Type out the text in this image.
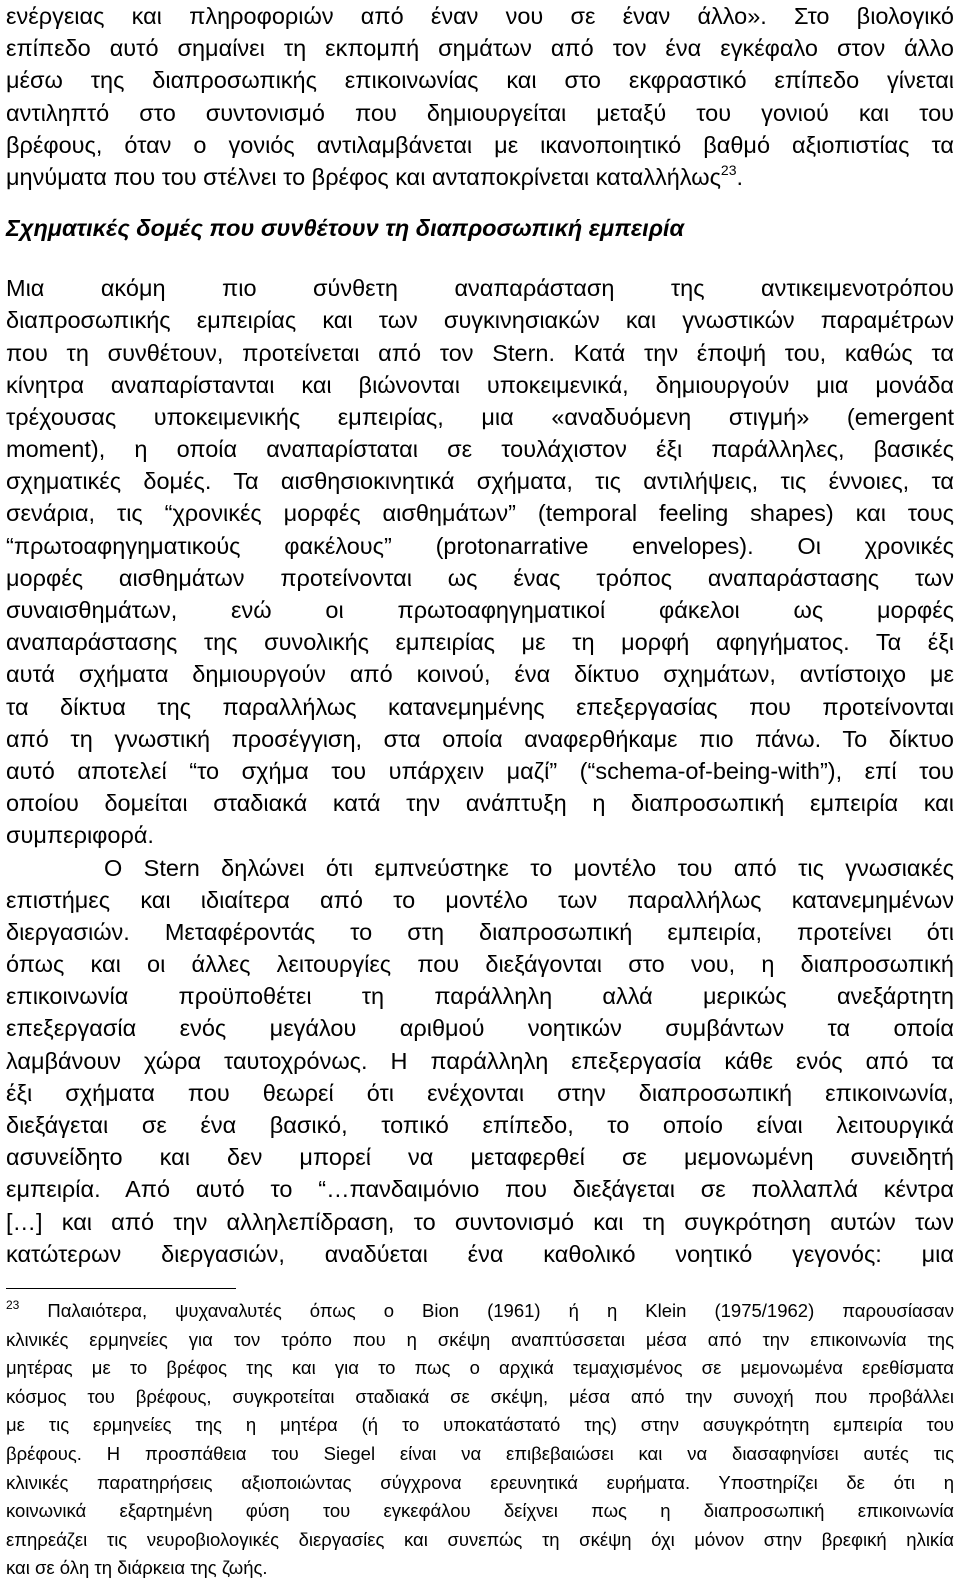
ενέργειας και πληροφοριών από έναν νου σε έναν άλλο». Στο βιολογικό
επίπεδο αυτό σημαίνει τη εκπομπή σημάτων από τον ένα εγκέφαλο στον άλλο
μέσω της διαπροσωπικής επικοινωνίας και στο εκφραστικό επίπεδο γίνεται
αντιληπτό στο συντονισμό που δημιουργείται μεταξύ του γονιού και του
βρέφους, όταν ο γονιός αντιλαμβάνεται με ικανοποιητικό βαθμό αξιοπιστίας τα
μηνύματα που του στέλνει το βρέφος και ανταποκρίνεται καταλλήλως$^{23}$.
Σχηματικές δομές που συνθέτουν τη διαπροσωπική εμπειρία
Μια ακόμη πιο σύνθετη αναπαράσταση της αντικειμενοτρόπου
διαπροσωπικής εμπειρίας και των συγκινησιακών και γνωστικών παραμέτρων
που τη συνθέτουν, προτείνεται από τον Stern. Κατά την έποψή του, καθώς τα
κίνητρα αναπαρίστανται και βιώνονται υποκειμενικά, δημιουργούν μια μονάδα
τρέχουσας υποκειμενικής εμπειρίας, μια «αναδυόμενη στιγμή» (emergent
moment), η οποία αναπαρίσταται σε τουλάχιστον έξι παράλληλες, βασικές
σχηματικές δομές. Τα αισθησιοκινητικά σχήματα, τις αντιλήψεις, τις έννοιες, τα
σενάρια, τις “χρονικές μορφές αισθημάτων” (temporal feeling shapes) και τους
“πρωτοαφηγηματικούς φακέλους” (protonarrative envelopes). Οι χρονικές
μορφές αισθημάτων προτείνονται ως ένας τρόπος αναπαράστασης των
συναισθημάτων, ενώ οι πρωτοαφηγηματικοί φάκελοι ως μορφές
αναπαράστασης της συνολικής εμπειρίας με τη μορφή αφηγήματος. Τα έξι
αυτά σχήματα δημιουργούν από κοινού, ένα δίκτυο σχημάτων, αντίστοιχο με
τα δίκτυα της παραλλήλως κατανεμημένης επεξεργασίας που προτείνονται
από τη γνωστική προσέγγιση, στα οποία αναφερθήκαμε πιο πάνω. Το δίκτυο
αυτό αποτελεί “το σχήμα του υπάρχειν μαζί” (“schema-of-being-with”), επί του
οποίου δομείται σταδιακά κατά την ανάπτυξη η διαπροσωπική εμπειρία και
συμπεριφορά.
Ο Stern δηλώνει ότι εμπνεύστηκε το μοντέλο του από τις γνωσιακές
επιστήμες και ιδιαίτερα από το μοντέλο των παραλλήλως κατανεμημένων
διεργασιών. Μεταφέροντάς το στη διαπροσωπική εμπειρία, προτείνει ότι
όπως και οι άλλες λειτουργίες που διεξάγονται στο νου, η διαπροσωπική
επικοινωνία προϋποθέτει τη παράλληλη αλλά μερικώς ανεξάρτητη
επεξεργασία ενός μεγάλου αριθμού νοητικών συμβάντων τα οποία
λαμβάνουν χώρα ταυτοχρόνως. Η παράλληλη επεξεργασία κάθε ενός από τα
έξι σχήματα που θεωρεί ότι ενέχονται στην διαπροσωπική επικοινωνία,
διεξάγεται σε ένα βασικό, τοπικό επίπεδο, το οποίο είναι λειτουργικά
ασυνείδητο και δεν μπορεί να μεταφερθεί σε μεμονωμένη συνειδητή
εμπειρία. Από αυτό το “…πανδαιμόνιο που διεξάγεται σε πολλαπλά κέντρα
[…] και από την αλληλεπίδραση, το συντονισμό και τη συγκρότηση αυτών των
κατώτερων διεργασιών, αναδύεται ένα καθολικό νοητικό γεγονός: μια
$^{23}$ Παλαιότερα, ψυχαναλυτές όπως ο Bion (1961) ή η Klein (1975/1962) παρουσίασαν
κλινικές ερμηνείες για τον τρόπο που η σκέψη αναπτύσσεται μέσα από την επικοινωνία της
μητέρας με το βρέφος της και για το πως ο αρχικά τεμαχισμένος σε μεμονωμένα ερεθίσματα
κόσμος του βρέφους, συγκροτείται σταδιακά σε σκέψη, μέσα από την συνοχή που προβάλλει
με τις ερμηνείες της η μητέρα (ή το υποκατάστατό της) στην ασυγκρότητη εμπειρία του
βρέφους. Η προσπάθεια του Siegel είναι να επιβεβαιώσει και να διασαφηνίσει αυτές τις
κλινικές παρατηρήσεις αξιοποιώντας σύγχρονα ερευνητικά ευρήματα. Υποστηρίζει δε ότι η
κοινωνικά εξαρτημένη φύση του εγκεφάλου δείχνει πως η διαπροσωπική επικοινωνία
επηρεάζει τις νευροβιολογικές διεργασίες και συνεπώς τη σκέψη όχι μόνον στην βρεφική ηλικία
και σε όλη τη διάρκεια της ζωής.
